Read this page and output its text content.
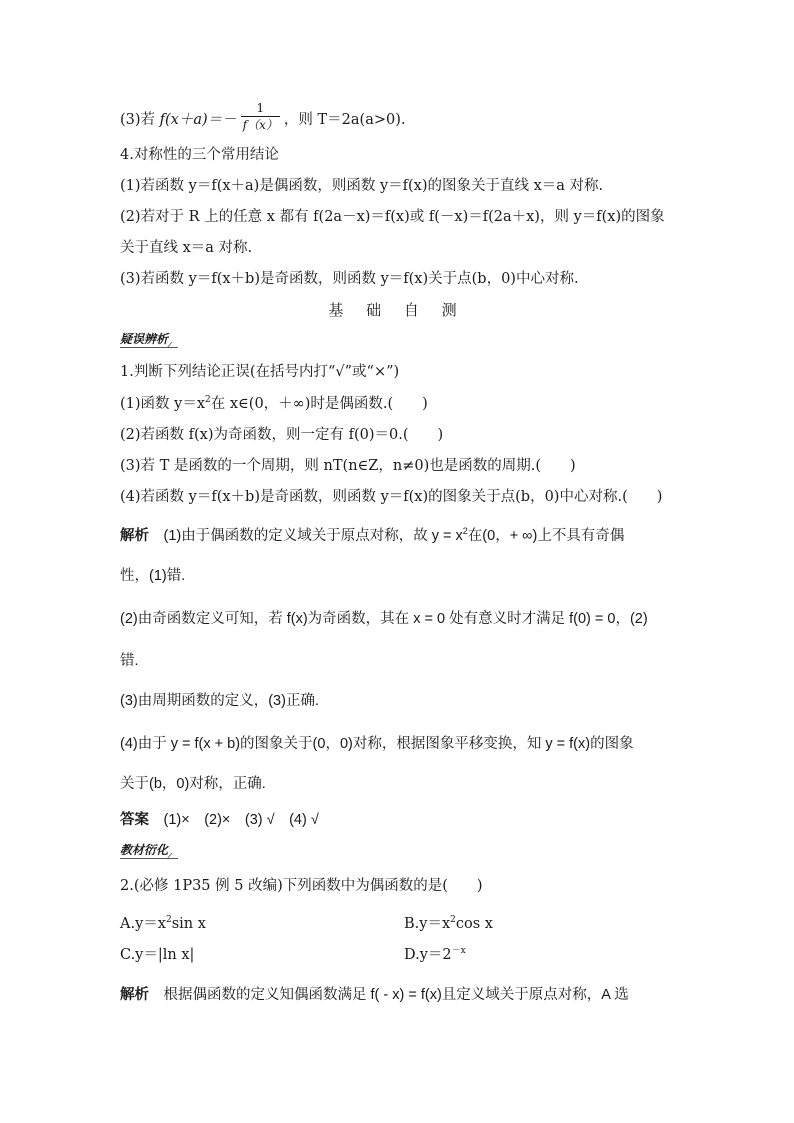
(3)若 $f(x+a)=- \frac{1}{f(x)}$ ，则 T＝2a(a>0).
4.对称性的三个常用结论
(1)若函数 y＝f(x＋a)是偶函数，则函数 y＝f(x)的图象关于直线 x＝a 对称.
(2)若对于 R 上的任意 x 都有 f(2a－x)＝f(x)或 f(－x)＝f(2a＋x)，则 y＝f(x)的图象
关于直线 x＝a 对称.
(3)若函数 y＝f(x＋b)是奇函数，则函数 y＝f(x)关于点(b，0)中心对称.
基 础 自 测
疑误辨析
1.判断下列结论正误(在括号内打“√”或“×”)
(1)函数 $y=x^2$在 x∈(0，＋∞)时是偶函数.(　　)
(2)若函数 f(x)为奇函数，则一定有 f(0)＝0.(　　)
(3)若 T 是函数的一个周期，则 nT(n∈Z，n≠0)也是函数的周期.(　　)
(4)若函数 y＝f(x＋b)是奇函数，则函数 y＝f(x)的图象关于点(b，0)中心对称.(　　)
解析　(1)由于偶函数的定义域关于原点对称，故 $y = x^2$在(0，+ ∞)上不具有奇偶
性，(1)错.
(2)由奇函数定义可知，若 f(x)为奇函数，其在 x = 0 处有意义时才满足 f(0) = 0，(2)
错.
(3)由周期函数的定义，(3)正确.
(4)由于 y = f(x + b)的图象关于(0，0)对称，根据图象平移变换，知 y = f(x)的图象
关于(b，0)对称，正确.
答案　(1)×　(2)×　(3) √　(4) √
教材衍化
2.(必修 1P35 例 5 改编)下列函数中为偶函数的是(　　)
$A.y=x^2\sin$ x	$B.y=x^2\cos$ x
C.y＝|ln x|	$D.y=2^{-x}$
解析　根据偶函数的定义知偶函数满足 f( - x) = f(x)且定义域关于原点对称，A 选
